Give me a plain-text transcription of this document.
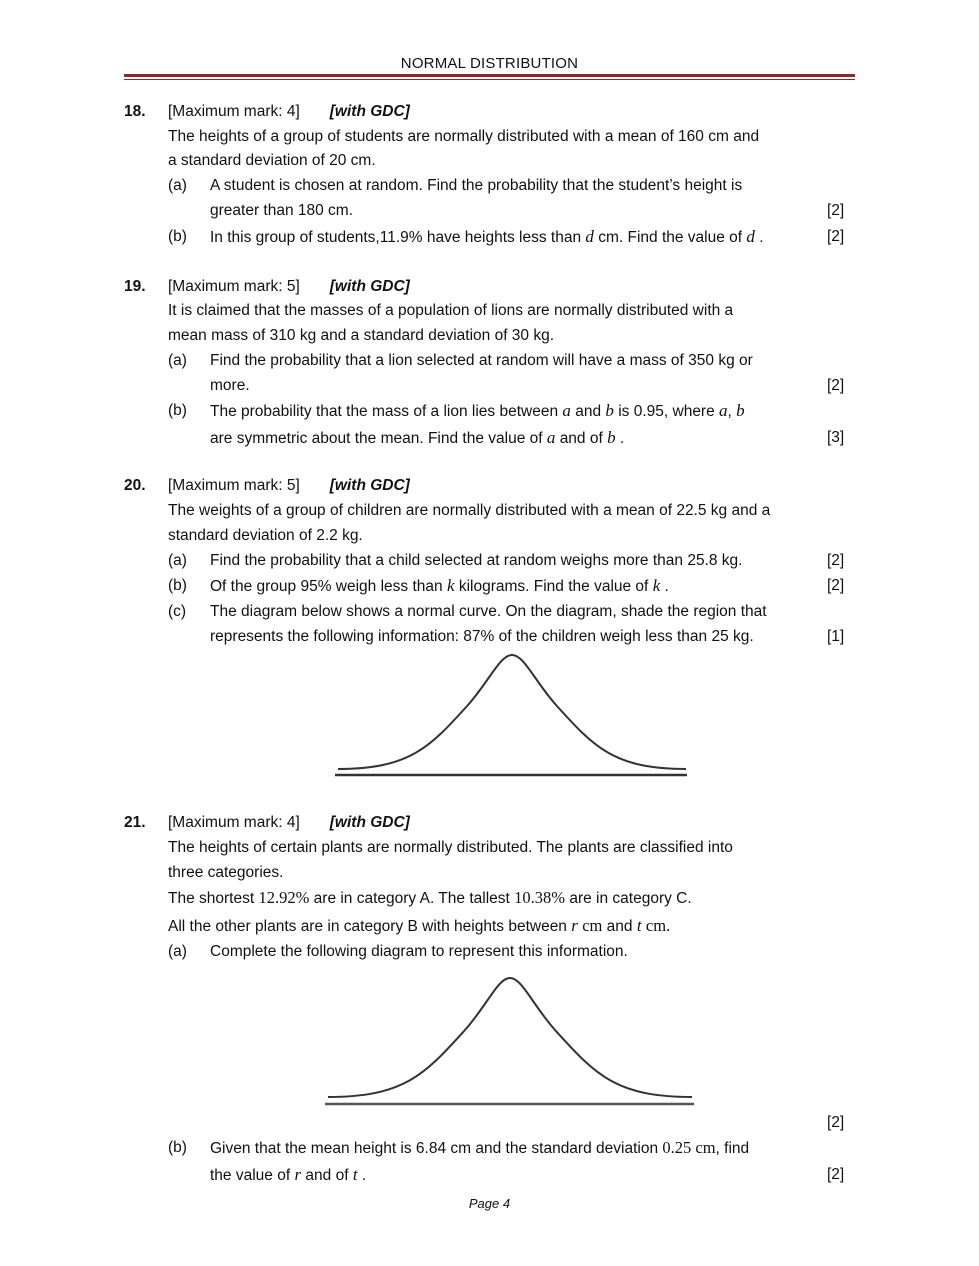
NORMAL DISTRIBUTION
18. [Maximum mark: 4] [with GDC]
The heights of a group of students are normally distributed with a mean of 160 cm and
a standard deviation of 20 cm.
(a) A student is chosen at random. Find the probability that the student’s height is
greater than 180 cm.	[2]
(b) In this group of students,11.9% have heights less than d cm. Find the value of d .	[2]
19. [Maximum mark: 5] [with GDC]
It is claimed that the masses of a population of lions are normally distributed with a
mean mass of 310 kg and a standard deviation of 30 kg.
(a) Find the probability that a lion selected at random will have a mass of 350 kg or
more.	[2]
(b) The probability that the mass of a lion lies between a and b is 0.95, where a, b
are symmetric about the mean. Find the value of a and of b .	[3]
20. [Maximum mark: 5] [with GDC]
The weights of a group of children are normally distributed with a mean of 22.5 kg and a
standard deviation of 2.2 kg.
(a) Find the probability that a child selected at random weighs more than 25.8 kg.	[2]
(b) Of the group 95% weigh less than k kilograms. Find the value of k .	[2]
(c) The diagram below shows a normal curve. On the diagram, shade the region that
represents the following information: 87% of the children weigh less than 25 kg.	[1]
21. [Maximum mark: 4] [with GDC]
The heights of certain plants are normally distributed. The plants are classified into
three categories.
The shortest 12.92% are in category A. The tallest 10.38% are in category C.
All the other plants are in category B with heights between r cm and t cm.
(a) Complete the following diagram to represent this information.
[2]
(b) Given that the mean height is 6.84 cm and the standard deviation 0.25 cm, find
the value of r and of t .	[2]
Page 4
